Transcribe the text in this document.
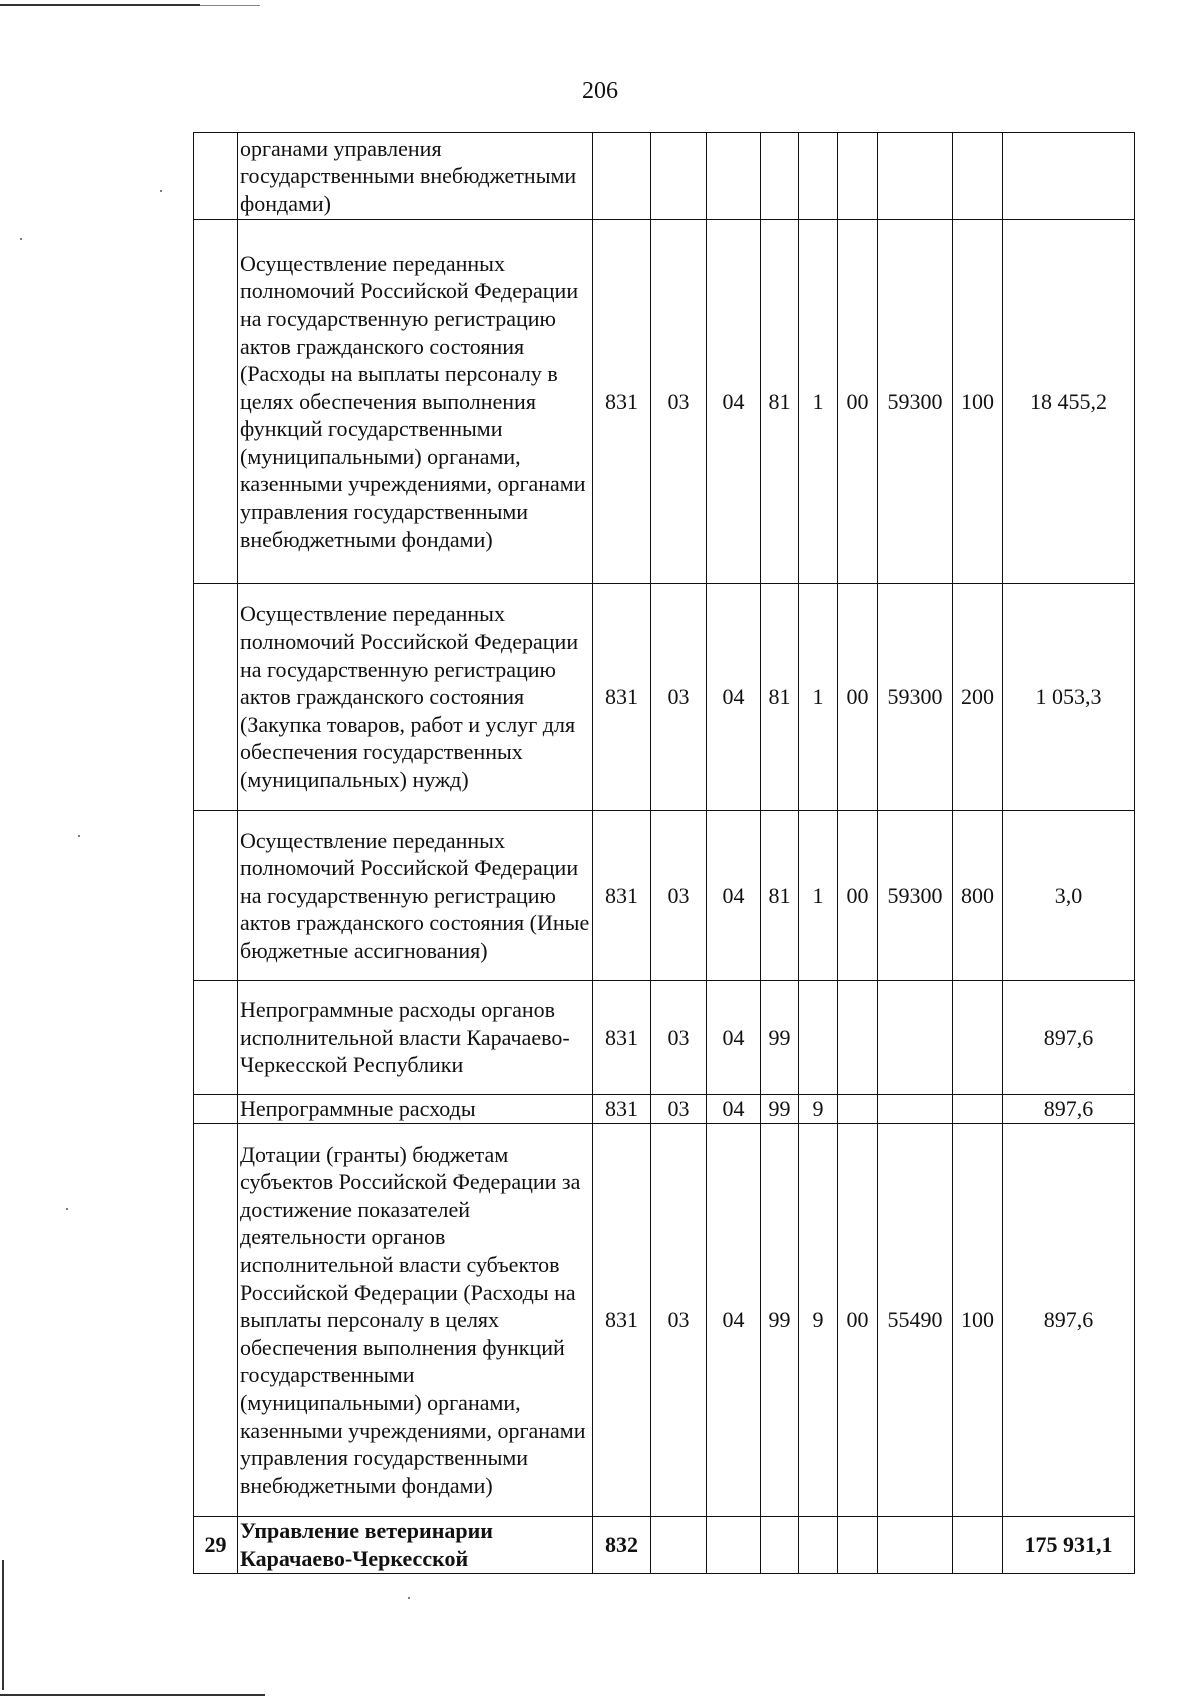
206
	органами управления государственными внебюджетными фондами)									
	Осуществление переданных полномочий Российской Федерации на государственную регистрацию актов гражданского состояния (Расходы на выплаты персоналу в целях обеспечения выполнения функций государственными (муниципальными) органами, казенными учреждениями, органами управления государственными внебюджетными фондами)	831	03	04	81	1	00	59300	100	18 455,2
	Осуществление переданных полномочий Российской Федерации на государственную регистрацию актов гражданского состояния (Закупка товаров, работ и услуг для обеспечения государственных (муниципальных) нужд)	831	03	04	81	1	00	59300	200	1 053,3
	Осуществление переданных полномочий Российской Федерации на государственную регистрацию актов гражданского состояния (Иные бюджетные ассигнования)	831	03	04	81	1	00	59300	800	3,0
	Непрограммные расходы органов исполнительной власти Карачаево-Черкесской Республики	831	03	04	99					897,6
	Непрограммные расходы	831	03	04	99	9				897,6
	Дотации (гранты) бюджетам субъектов Российской Федерации за достижение показателей деятельности органов исполнительной власти субъектов Российской Федерации (Расходы на выплаты персоналу в целях обеспечения выполнения функций государственными (муниципальными) органами, казенными учреждениями, органами управления государственными внебюджетными фондами)	831	03	04	99	9	00	55490	100	897,6
29	Управление ветеринарии Карачаево-Черкесской	832								175 931,1
